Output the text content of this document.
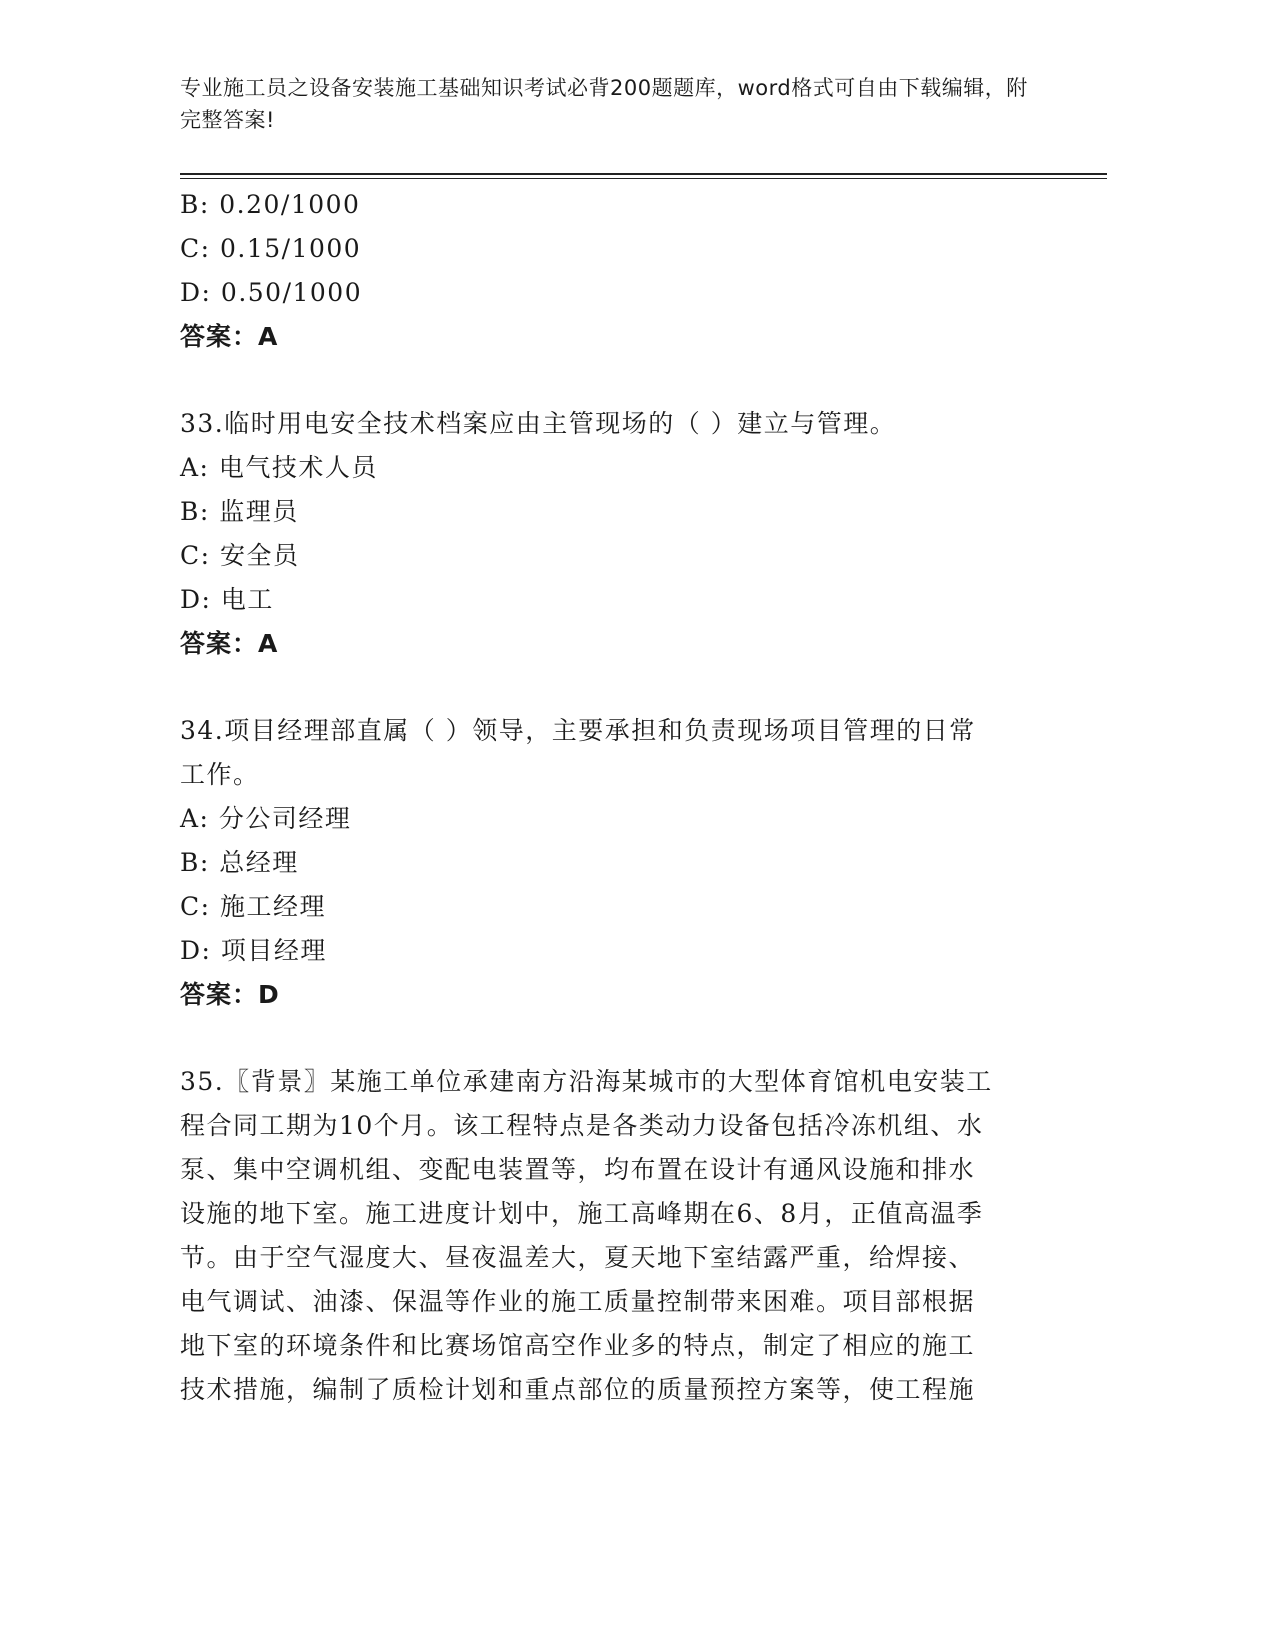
专业施工员之设备安装施工基础知识考试必背200题题库，word格式可自由下载编辑，附完整答案!
B: 0.20/1000
C: 0.15/1000
D: 0.50/1000
答案：A
33.临时用电安全技术档案应由主管现场的（ ）建立与管理。
A: 电气技术人员
B: 监理员
C: 安全员
D: 电工
答案：A
34.项目经理部直属（ ）领导，主要承担和负责现场项目管理的日常
工作。
A: 分公司经理
B: 总经理
C: 施工经理
D: 项目经理
答案：D
35.〖背景〗某施工单位承建南方沿海某城市的大型体育馆机电安装工
程合同工期为10个月。该工程特点是各类动力设备包括冷冻机组、水
泵、集中空调机组、变配电装置等，均布置在设计有通风设施和排水
设施的地下室。施工进度计划中，施工高峰期在6、8月，正值高温季
节。由于空气湿度大、昼夜温差大，夏天地下室结露严重，给焊接、
电气调试、油漆、保温等作业的施工质量控制带来困难。项目部根据
地下室的环境条件和比赛场馆高空作业多的特点，制定了相应的施工
技术措施，编制了质检计划和重点部位的质量预控方案等，使工程施
